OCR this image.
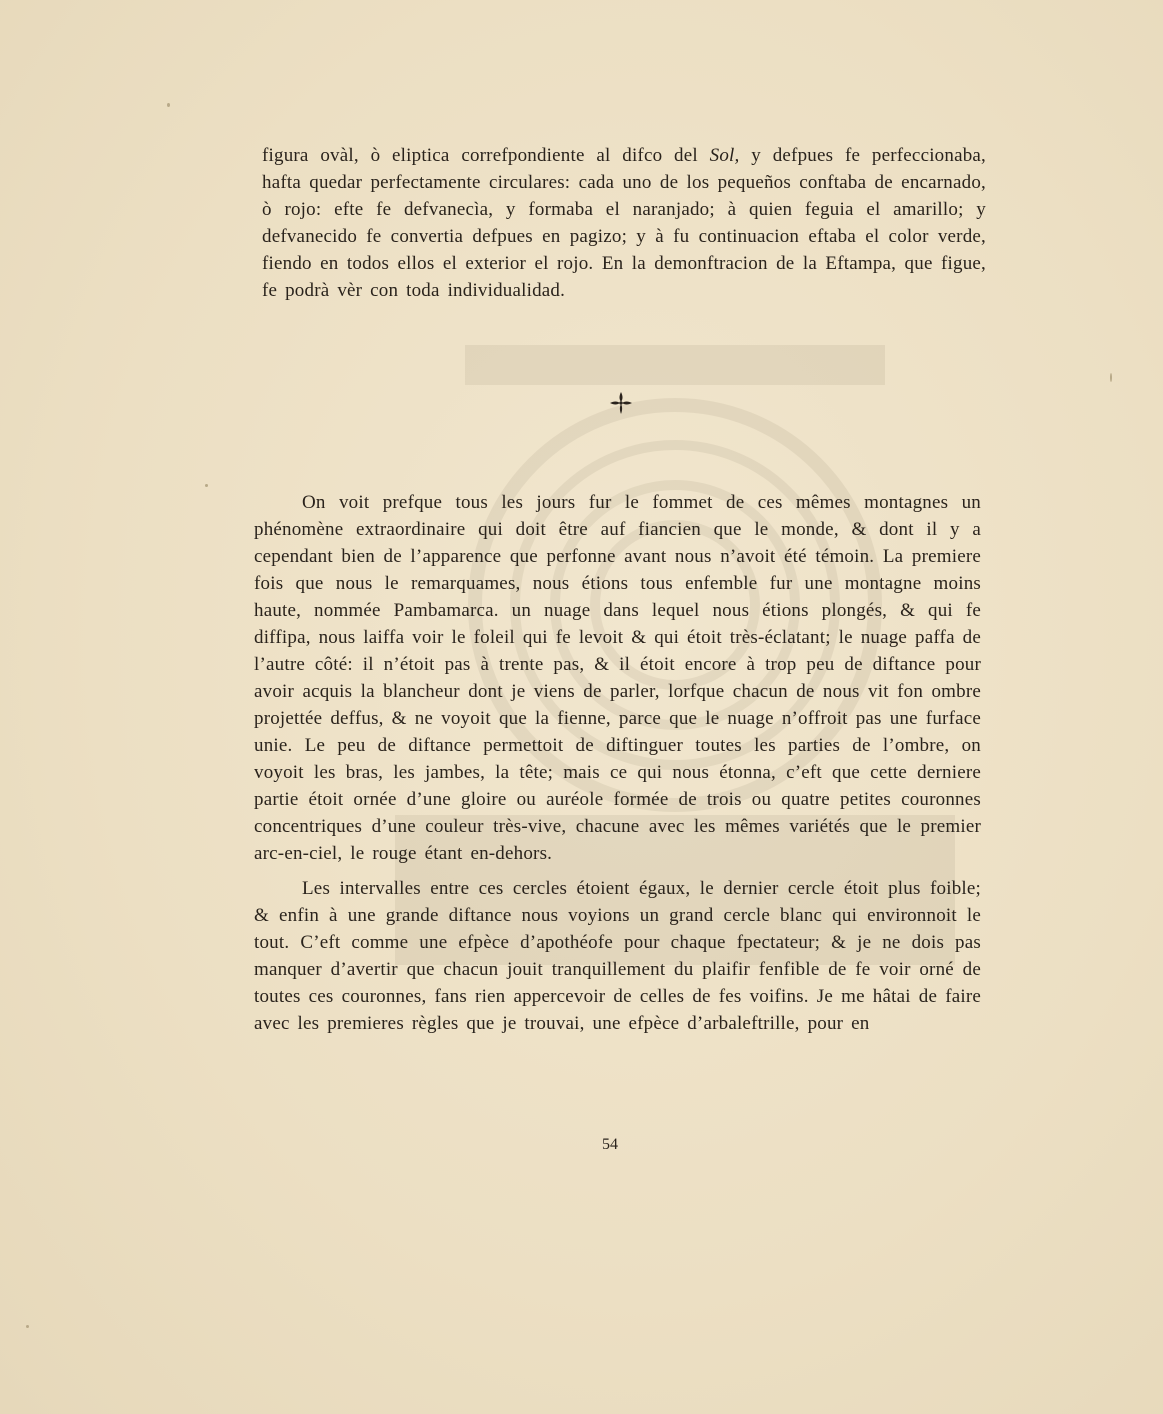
figura ovàl, ò eliptica correfpondiente al difco del Sol, y defpues fe perfeccionaba, hafta quedar perfectamente circulares: cada uno de los pequeños conftaba de encarnado, ò rojo: efte fe defvanecìa, y formaba el naranjado; à quien feguia el amarillo; y defvanecido fe convertia defpues en pagizo; y à fu continuacion eftaba el color verde, fiendo en todos ellos el exterior el rojo. En la demonftracion de la Eftampa, que figue, fe podrà vèr con toda individualidad.

On voit prefque tous les jours fur le fommet de ces mêmes montagnes un phénomène extraordinaire qui doit être auf fiancien que le monde, & dont il y a cependant bien de l’apparence que perfonne avant nous n’avoit été témoin. La premiere fois que nous le remarquames, nous étions tous enfemble fur une montagne moins haute, nommée Pambamarca. un nuage dans lequel nous étions plongés, & qui fe diffipa, nous laiffa voir le foleil qui fe levoit & qui étoit très-éclatant; le nuage paffa de l’autre côté: il n’étoit pas à trente pas, & il étoit encore à trop peu de diftance pour avoir acquis la blancheur dont je viens de parler, lorfque chacun de nous vit fon ombre projettée deffus, & ne voyoit que la fienne, parce que le nuage n’offroit pas une furface unie. Le peu de diftance permettoit de diftinguer toutes les parties de l’ombre, on voyoit les bras, les jambes, la tête; mais ce qui nous étonna, c’eft que cette derniere partie étoit ornée d’une gloire ou auréole formée de trois ou quatre petites couronnes concentriques d’une couleur très-vive, chacune avec les mêmes variétés que le premier arc-en-ciel, le rouge étant en-dehors.

Les intervalles entre ces cercles étoient égaux, le dernier cercle étoit plus foible; & enfin à une grande diftance nous voyions un grand cercle blanc qui environnoit le tout. C’eft comme une efpèce d’apothéofe pour chaque fpectateur; & je ne dois pas manquer d’avertir que chacun jouit tranquillement du plaifir fenfible de fe voir orné de toutes ces couronnes, fans rien appercevoir de celles de fes voifins. Je me hâtai de faire avec les premieres règles que je trouvai, une efpèce d’arbaleftrille, pour en

54
